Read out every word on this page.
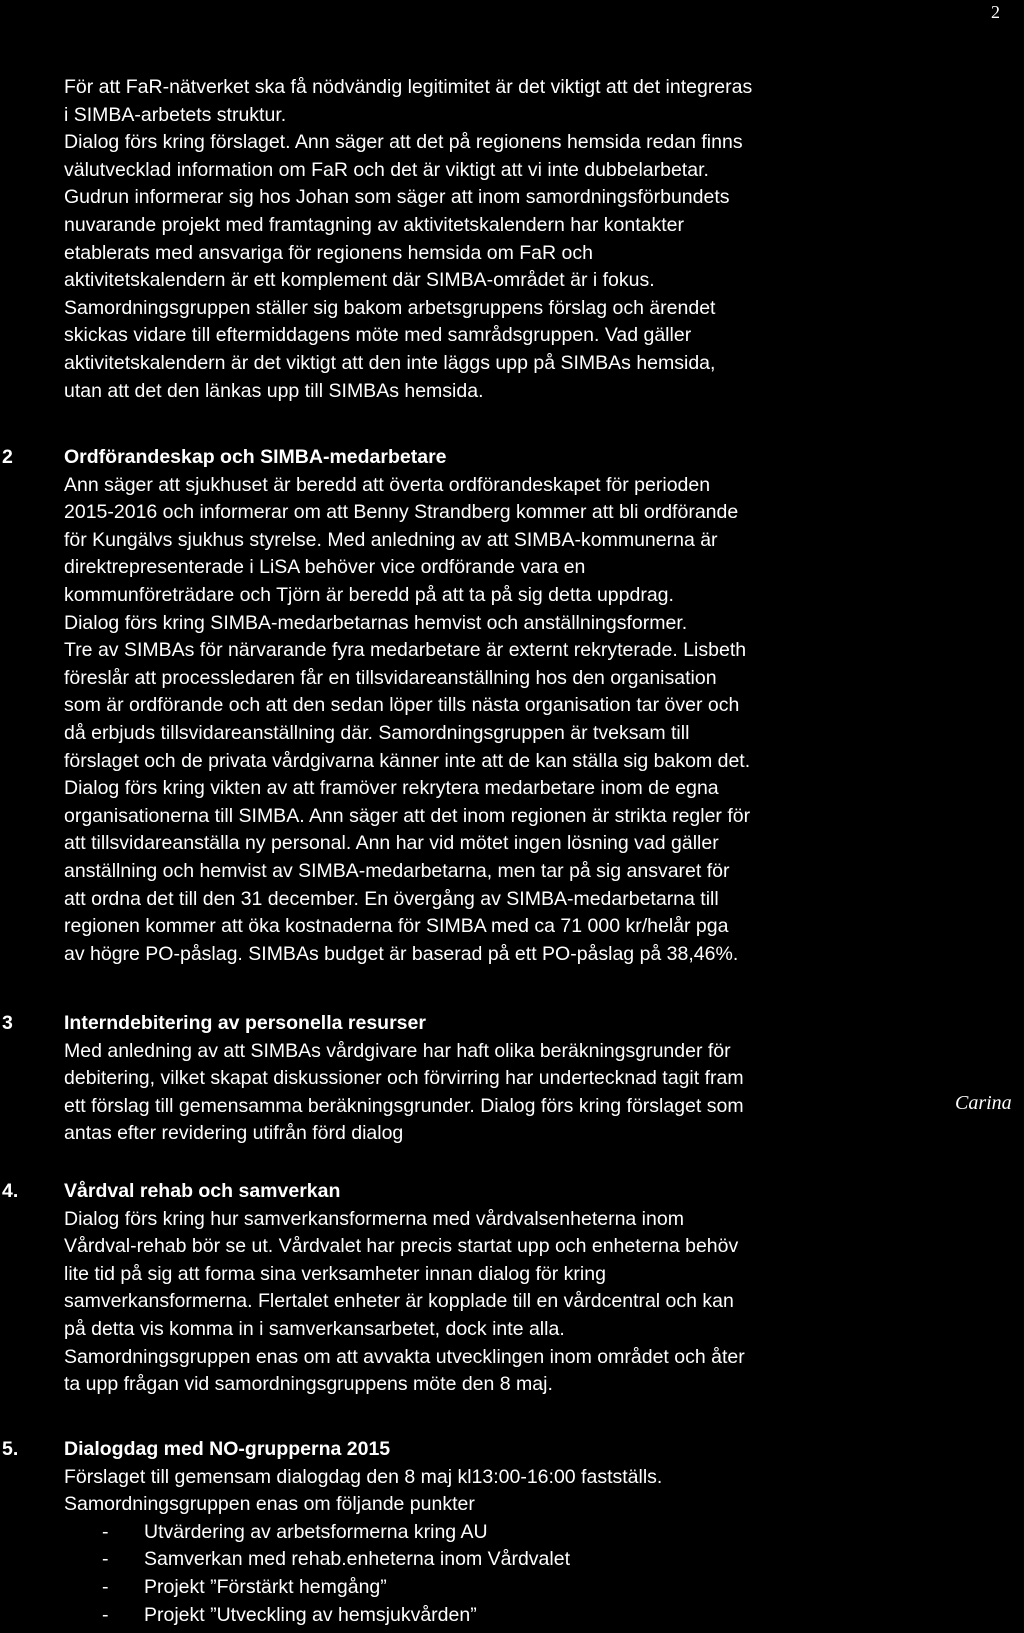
2

För att FaR-nätverket ska få nödvändig legitimitet är det viktigt att det integreras
i SIMBA-arbetets struktur.
Dialog förs kring förslaget. Ann säger att det på regionens hemsida redan finns
välutvecklad information om FaR och det är viktigt att vi inte dubbelarbetar.
Gudrun informerar sig hos Johan som säger att inom samordningsförbundets
nuvarande projekt med framtagning av aktivitetskalendern har kontakter
etablerats med ansvariga för regionens hemsida om FaR och
aktivitetskalendern är ett komplement där SIMBA-området är i fokus.
Samordningsgruppen ställer sig bakom arbetsgruppens förslag och ärendet
skickas vidare till eftermiddagens möte med samrådsgruppen. Vad gäller
aktivitetskalendern är det viktigt att den inte läggs upp på SIMBAs hemsida,
utan att det den länkas upp till SIMBAs hemsida.

2	Ordförandeskap och SIMBA-medarbetare

Ann säger att sjukhuset är beredd att överta ordförandeskapet för perioden
2015-2016 och informerar om att Benny Strandberg kommer att bli ordförande
för Kungälvs sjukhus styrelse. Med anledning av att SIMBA-kommunerna är
direktrepresenterade i LiSA behöver vice ordförande vara en
kommunföreträdare och Tjörn är beredd på att ta på sig detta uppdrag.
Dialog förs kring SIMBA-medarbetarnas hemvist och anställningsformer.
Tre av SIMBAs för närvarande fyra medarbetare är externt rekryterade. Lisbeth
föreslår att processledaren får en tillsvidareanställning hos den organisation
som är ordförande och att den sedan löper tills nästa organisation tar över och
då erbjuds tillsvidareanställning där. Samordningsgruppen är tveksam till
förslaget och de privata vårdgivarna känner inte att de kan ställa sig bakom det.
Dialog förs kring vikten av att framöver rekrytera medarbetare inom de egna
organisationerna till SIMBA. Ann säger att det inom regionen är strikta regler för
att tillsvidareanställa ny personal. Ann har vid mötet ingen lösning vad gäller
anställning och hemvist av SIMBA-medarbetarna, men tar på sig ansvaret för
att ordna det till den 31 december. En övergång av SIMBA-medarbetarna till
regionen kommer att öka kostnaderna för SIMBA med ca 71 000 kr/helår pga
av högre PO-påslag. SIMBAs budget är baserad på ett PO-påslag på 38,46%.

3	Interndebitering av personella resurser

Med anledning av att SIMBAs vårdgivare har haft olika beräkningsgrunder för
debitering, vilket skapat diskussioner och förvirring har undertecknad tagit fram
ett förslag till gemensamma beräkningsgrunder. Dialog förs kring förslaget som
antas efter revidering utifrån förd dialog

Carina
4. Vårdval rehab och samverkan

Dialog förs kring hur samverkansformerna med vårdvalsenheterna inom
Vårdval-rehab bör se ut. Vårdvalet har precis startat upp och enheterna behöv
lite tid på sig att forma sina verksamheter innan dialog för kring
samverkansformerna. Flertalet enheter är kopplade till en vårdcentral och kan
på detta vis komma in i samverkansarbetet, dock inte alla.
Samordningsgruppen enas om att avvakta utvecklingen inom området och åter
ta upp frågan vid samordningsgruppens möte den 8 maj.

5. Dialogdag med NO-grupperna 2015

Förslaget till gemensam dialogdag den 8 maj kl13:00-16:00 fastställs.
Samordningsgruppen enas om följande punkter

- Utvärdering av arbetsformerna kring AU
- Samverkan med rehab.enheterna inom Vårdvalet
- Projekt ”Förstärkt hemgång”
- Projekt ”Utveckling av hemsjukvården”
